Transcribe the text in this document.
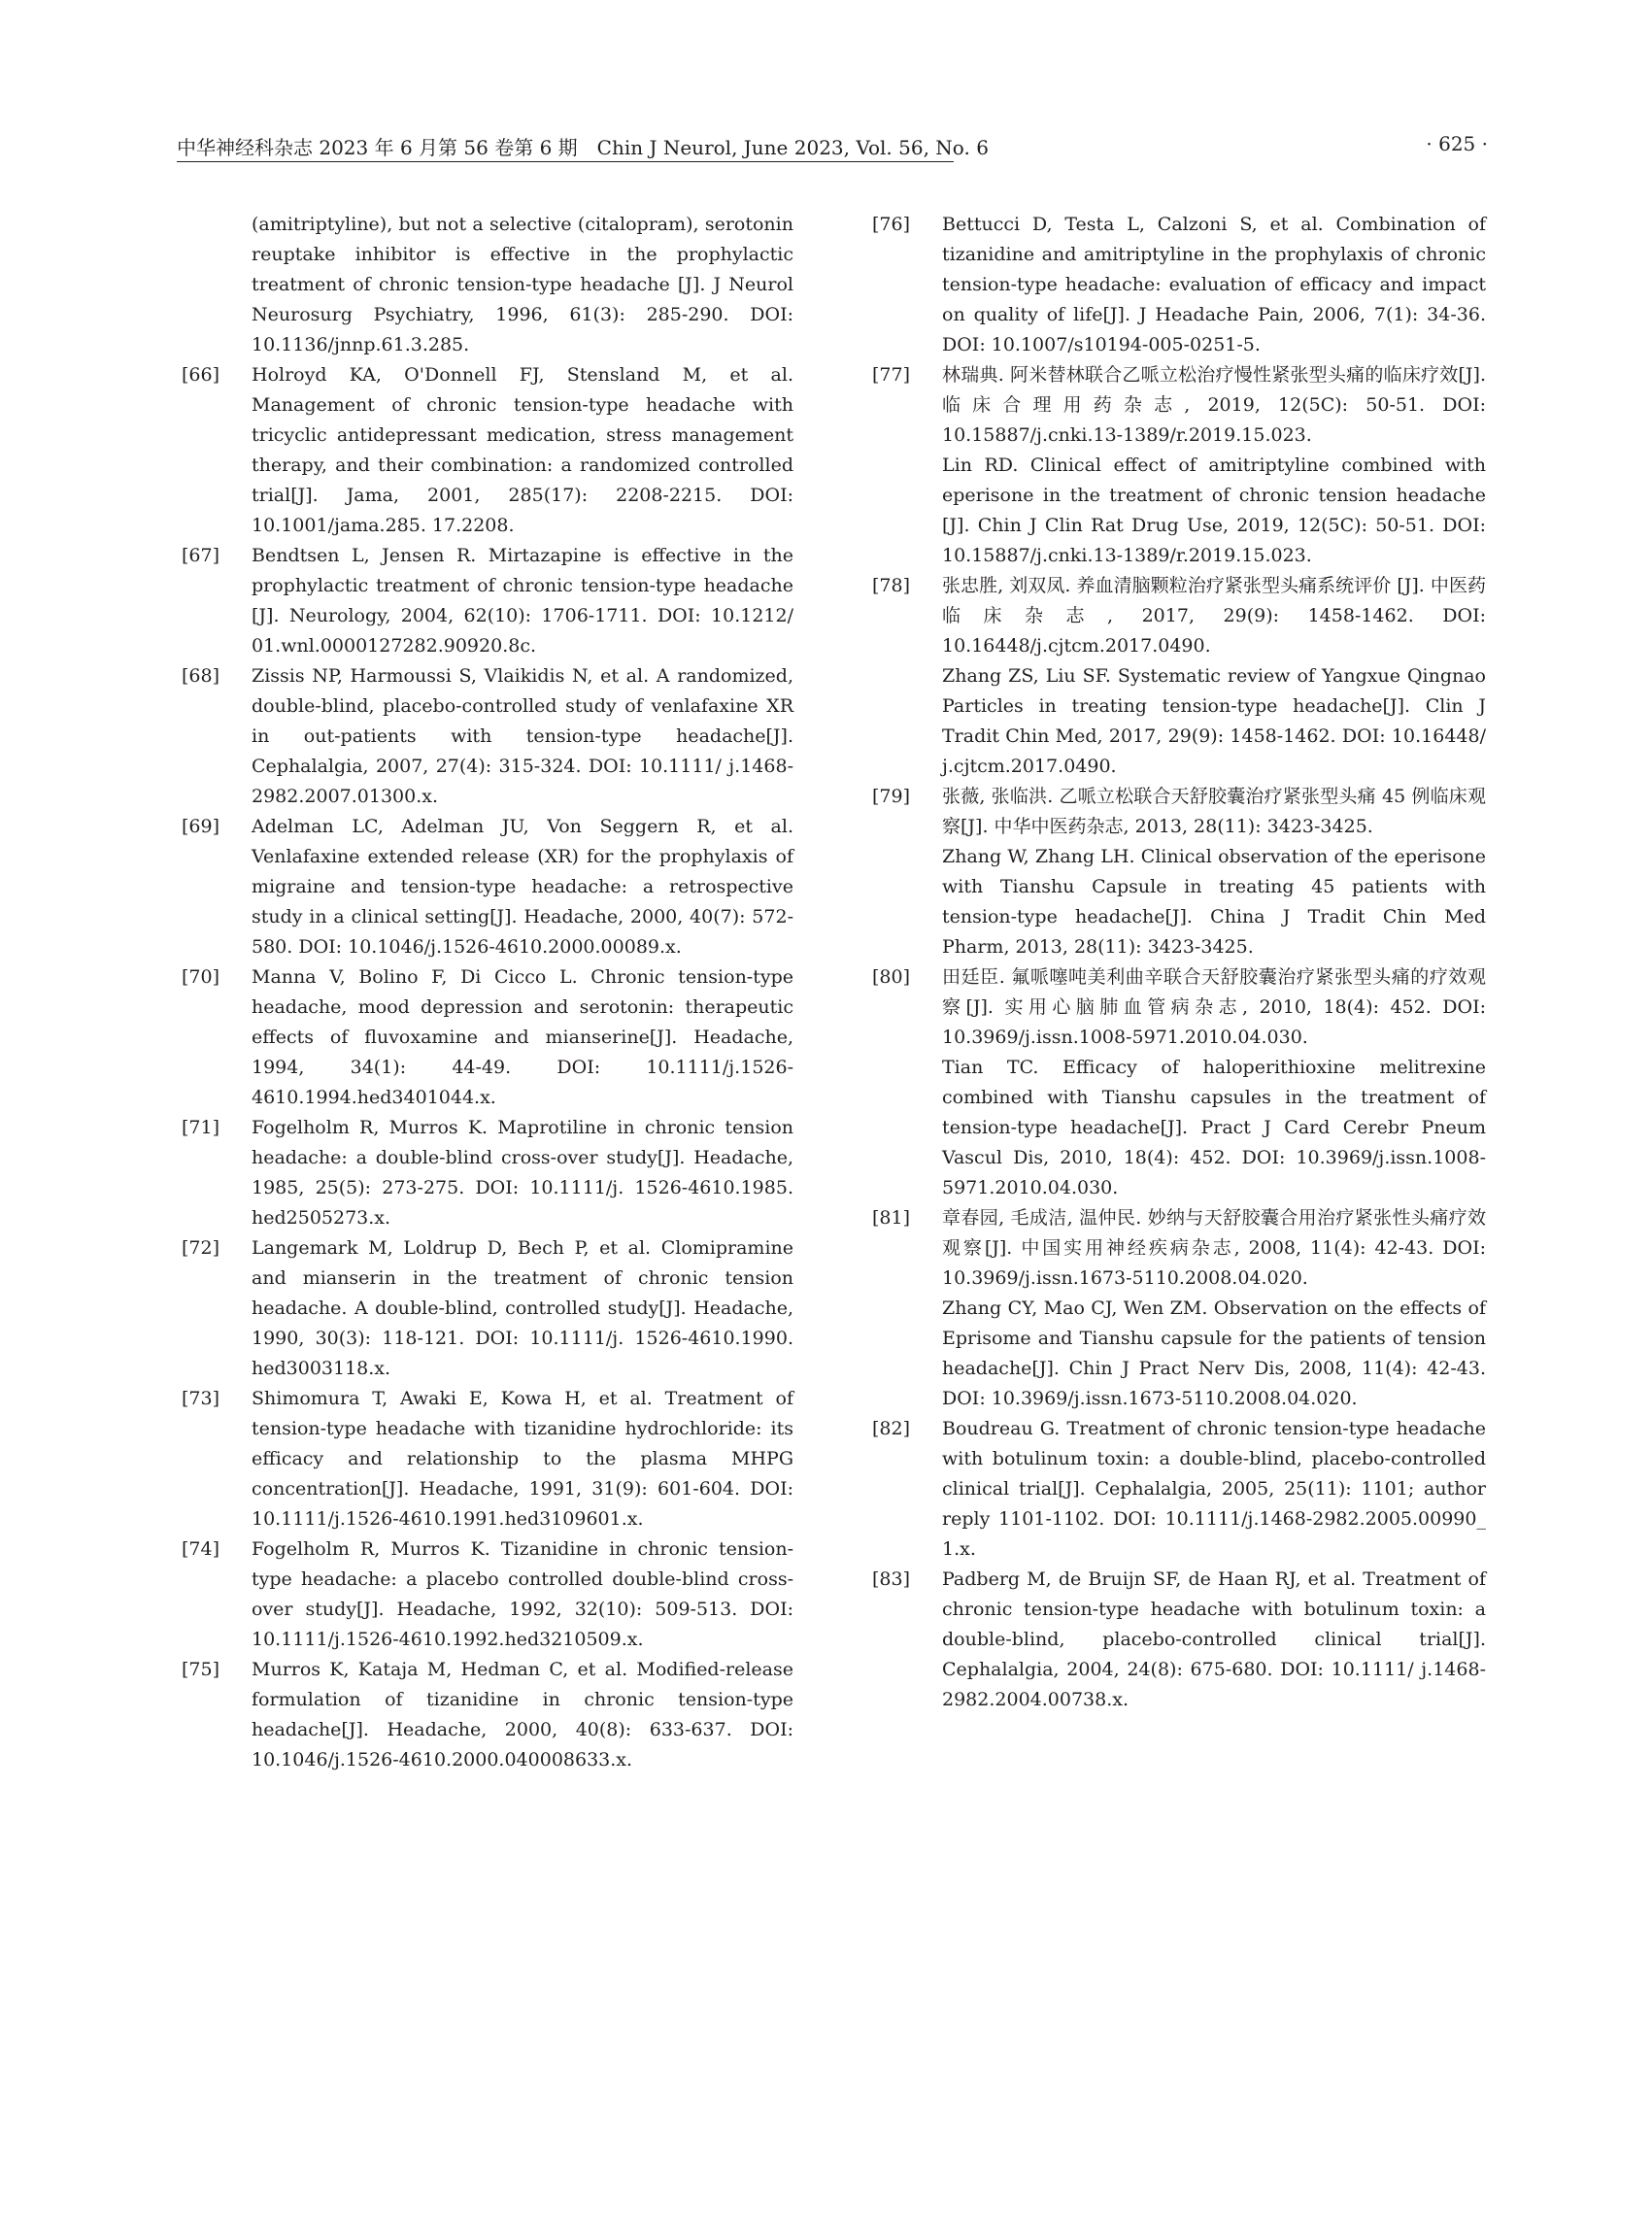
中华神经科杂志 2023 年 6 月第 56 卷第 6 期　Chin J Neurol, June 2023, Vol. 56, No. 6	· 625 ·

(amitriptyline), but not a selective (citalopram), serotonin reuptake inhibitor is effective in the prophylactic treatment of chronic tension-type headache [J]. J Neurol Neurosurg Psychiatry, 1996, 61(3): 285-290. DOI: 10.1136/jnnp.61.3.285.

[66]	Holroyd KA, O'Donnell FJ, Stensland M, et al. Management of chronic tension-type headache with tricyclic antidepressant medication, stress management therapy, and their combination: a randomized controlled trial[J]. Jama, 2001, 285(17): 2208-2215. DOI: 10.1001/jama.285. 17.2208.

[67]	Bendtsen L, Jensen R. Mirtazapine is effective in the prophylactic treatment of chronic tension-type headache [J]. Neurology, 2004, 62(10): 1706-1711. DOI: 10.1212/ 01.wnl.0000127282.90920.8c.

[68]	Zissis NP, Harmoussi S, Vlaikidis N, et al. A randomized, double-blind, placebo-controlled study of venlafaxine XR in out-patients with tension-type headache[J]. Cephalalgia, 2007, 27(4): 315-324. DOI: 10.1111/ j.1468-2982.2007.01300.x.

[69]	Adelman LC, Adelman JU, Von Seggern R, et al. Venlafaxine extended release (XR) for the prophylaxis of migraine and tension-type headache: a retrospective study in a clinical setting[J]. Headache, 2000, 40(7): 572-580. DOI: 10.1046/j.1526-4610.2000.00089.x.

[70]	Manna V, Bolino F, Di Cicco L. Chronic tension-type headache, mood depression and serotonin: therapeutic effects of fluvoxamine and mianserine[J]. Headache, 1994, 34(1): 44-49. DOI: 10.1111/j.1526-4610.1994.hed3401044.x.

[71]	Fogelholm R, Murros K. Maprotiline in chronic tension headache: a double-blind cross-over study[J]. Headache, 1985, 25(5): 273-275. DOI: 10.1111/j. 1526-4610.1985. hed2505273.x.

[72]	Langemark M, Loldrup D, Bech P, et al. Clomipramine and mianserin in the treatment of chronic tension headache. A double-blind, controlled study[J]. Headache, 1990, 30(3): 118-121. DOI: 10.1111/j. 1526-4610.1990. hed3003118.x.

[73]	Shimomura T, Awaki E, Kowa H, et al. Treatment of tension-type headache with tizanidine hydrochloride: its efficacy and relationship to the plasma MHPG concentration[J]. Headache, 1991, 31(9): 601-604. DOI: 10.1111/j.1526-4610.1991.hed3109601.x.

[74]	Fogelholm R, Murros K. Tizanidine in chronic tension-type headache: a placebo controlled double-blind cross-over study[J]. Headache, 1992, 32(10): 509-513. DOI: 10.1111/j.1526-4610.1992.hed3210509.x.

[75]	Murros K, Kataja M, Hedman C, et al. Modified-release formulation of tizanidine in chronic tension-type headache[J]. Headache, 2000, 40(8): 633-637. DOI: 10.1046/j.1526-4610.2000.040008633.x.

[76]	Bettucci D, Testa L, Calzoni S, et al. Combination of tizanidine and amitriptyline in the prophylaxis of chronic tension-type headache: evaluation of efficacy and impact on quality of life[J]. J Headache Pain, 2006, 7(1): 34-36. DOI: 10.1007/s10194-005-0251-5.

[77]	林瑞典. 阿米替林联合乙哌立松治疗慢性紧张型头痛的临床疗效[J]. 临床合理用药杂志, 2019, 12(5C): 50-51. DOI: 10.15887/j.cnki.13-1389/r.2019.15.023.

Lin RD. Clinical effect of amitriptyline combined with eperisone in the treatment of chronic tension headache [J]. Chin J Clin Rat Drug Use, 2019, 12(5C): 50-51. DOI: 10.15887/j.cnki.13-1389/r.2019.15.023.

[78]	张忠胜, 刘双凤. 养血清脑颗粒治疗紧张型头痛系统评价 [J]. 中医药临床杂志, 2017, 29(9): 1458-1462. DOI: 10.16448/j.cjtcm.2017.0490.

Zhang ZS, Liu SF. Systematic review of Yangxue Qingnao Particles in treating tension-type headache[J]. Clin J Tradit Chin Med, 2017, 29(9): 1458-1462. DOI: 10.16448/ j.cjtcm.2017.0490.

[79]	张薇, 张临洪. 乙哌立松联合天舒胶囊治疗紧张型头痛 45 例临床观察[J]. 中华中医药杂志, 2013, 28(11): 3423-3425.

Zhang W, Zhang LH. Clinical observation of the eperisone with Tianshu Capsule in treating 45 patients with tension-type headache[J]. China J Tradit Chin Med Pharm, 2013, 28(11): 3423-3425.

[80]	田廷臣. 氟哌噻吨美利曲辛联合天舒胶囊治疗紧张型头痛的疗效观察[J]. 实用心脑肺血管病杂志, 2010, 18(4): 452. DOI: 10.3969/j.issn.1008-5971.2010.04.030.

Tian TC. Efficacy of haloperithioxine melitrexine combined with Tianshu capsules in the treatment of tension-type headache[J]. Pract J Card Cerebr Pneum Vascul Dis, 2010, 18(4): 452. DOI: 10.3969/j.issn.1008-5971.2010.04.030.

[81]	章春园, 毛成洁, 温仲民. 妙纳与天舒胶囊合用治疗紧张性头痛疗效观察[J]. 中国实用神经疾病杂志, 2008, 11(4): 42-43. DOI: 10.3969/j.issn.1673-5110.2008.04.020.

Zhang CY, Mao CJ, Wen ZM. Observation on the effects of Eprisome and Tianshu capsule for the patients of tension headache[J]. Chin J Pract Nerv Dis, 2008, 11(4): 42-43. DOI: 10.3969/j.issn.1673-5110.2008.04.020.

[82]	Boudreau G. Treatment of chronic tension-type headache with botulinum toxin: a double-blind, placebo-controlled clinical trial[J]. Cephalalgia, 2005, 25(11): 1101; author reply 1101-1102. DOI: 10.1111/j.1468-2982.2005.00990_ 1.x.

[83]	Padberg M, de Bruijn SF, de Haan RJ, et al. Treatment of chronic tension-type headache with botulinum toxin: a double-blind, placebo-controlled clinical trial[J]. Cephalalgia, 2004, 24(8): 675-680. DOI: 10.1111/ j.1468-2982.2004.00738.x.
